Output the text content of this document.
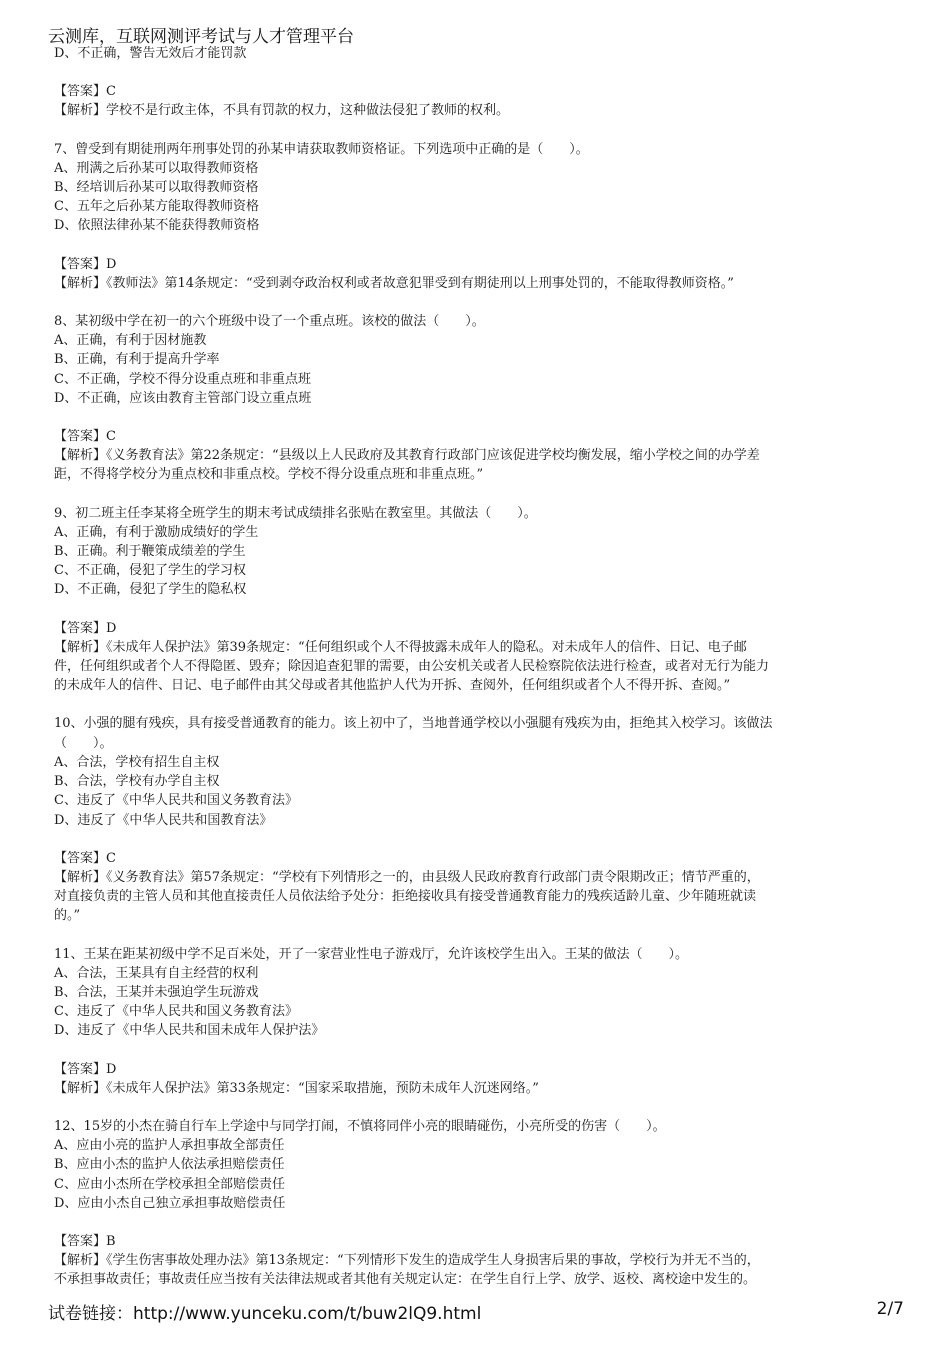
云测库，互联网测评考试与人才管理平台
D、不正确，警告无效后才能罚款
【答案】C
【解析】学校不是行政主体，不具有罚款的权力，这种做法侵犯了教师的权利。
7、曾受到有期徒刑两年刑事处罚的孙某申请获取教师资格证。下列选项中正确的是（　　）。
A、刑满之后孙某可以取得教师资格
B、经培训后孙某可以取得教师资格
C、五年之后孙某方能取得教师资格
D、依照法律孙某不能获得教师资格
【答案】D
【解析】《教师法》第14条规定：“受到剥夺政治权利或者故意犯罪受到有期徒刑以上刑事处罚的，不能取得教师资格。”
8、某初级中学在初一的六个班级中设了一个重点班。该校的做法（　　）。
A、正确，有利于因材施教
B、正确，有利于提高升学率
C、不正确，学校不得分设重点班和非重点班
D、不正确，应该由教育主管部门设立重点班
【答案】C
【解析】《义务教育法》第22条规定：“县级以上人民政府及其教育行政部门应该促进学校均衡发展，缩小学校之间的办学差
距，不得将学校分为重点校和非重点校。学校不得分设重点班和非重点班。”
9、初二班主任李某将全班学生的期末考试成绩排名张贴在教室里。其做法（　　）。
A、正确，有利于激励成绩好的学生
B、正确。利于鞭策成绩差的学生
C、不正确，侵犯了学生的学习权
D、不正确，侵犯了学生的隐私权
【答案】D
【解析】《未成年人保护法》第39条规定：“任何组织或个人不得披露未成年人的隐私。对未成年人的信件、日记、电子邮
件，任何组织或者个人不得隐匿、毁弃；除因追查犯罪的需要，由公安机关或者人民检察院依法进行检查，或者对无行为能力
的未成年人的信件、日记、电子邮件由其父母或者其他监护人代为开拆、查阅外，任何组织或者个人不得开拆、查阅。”
10、小强的腿有残疾，具有接受普通教育的能力。该上初中了，当地普通学校以小强腿有残疾为由，拒绝其入校学习。该做法
（　　）。
A、合法，学校有招生自主权
B、合法，学校有办学自主权
C、违反了《中华人民共和国义务教育法》
D、违反了《中华人民共和国教育法》
【答案】C
【解析】《义务教育法》第57条规定：“学校有下列情形之一的，由县级人民政府教育行政部门责令限期改正；情节严重的，
对直接负责的主管人员和其他直接责任人员依法给予处分：拒绝接收具有接受普通教育能力的残疾适龄儿童、少年随班就读
的。”
11、王某在距某初级中学不足百米处，开了一家营业性电子游戏厅，允许该校学生出入。王某的做法（　　）。
A、合法，王某具有自主经营的权利
B、合法，王某并未强迫学生玩游戏
C、违反了《中华人民共和国义务教育法》
D、违反了《中华人民共和国未成年人保护法》
【答案】D
【解析】《未成年人保护法》第33条规定：“国家采取措施，预防未成年人沉迷网络。”
12、15岁的小杰在骑自行车上学途中与同学打闹，不慎将同伴小亮的眼睛碰伤，小亮所受的伤害（　　）。
A、应由小亮的监护人承担事故全部责任
B、应由小杰的监护人依法承担赔偿责任
C、应由小杰所在学校承担全部赔偿责任
D、应由小杰自己独立承担事故赔偿责任
【答案】B
【解析】《学生伤害事故处理办法》第13条规定：“下列情形下发生的造成学生人身损害后果的事故，学校行为并无不当的，
不承担事故责任；事故责任应当按有关法律法规或者其他有关规定认定：在学生自行上学、放学、返校、离校途中发生的。
试卷链接：http://www.yunceku.com/t/buw2lQ9.html	2/7
